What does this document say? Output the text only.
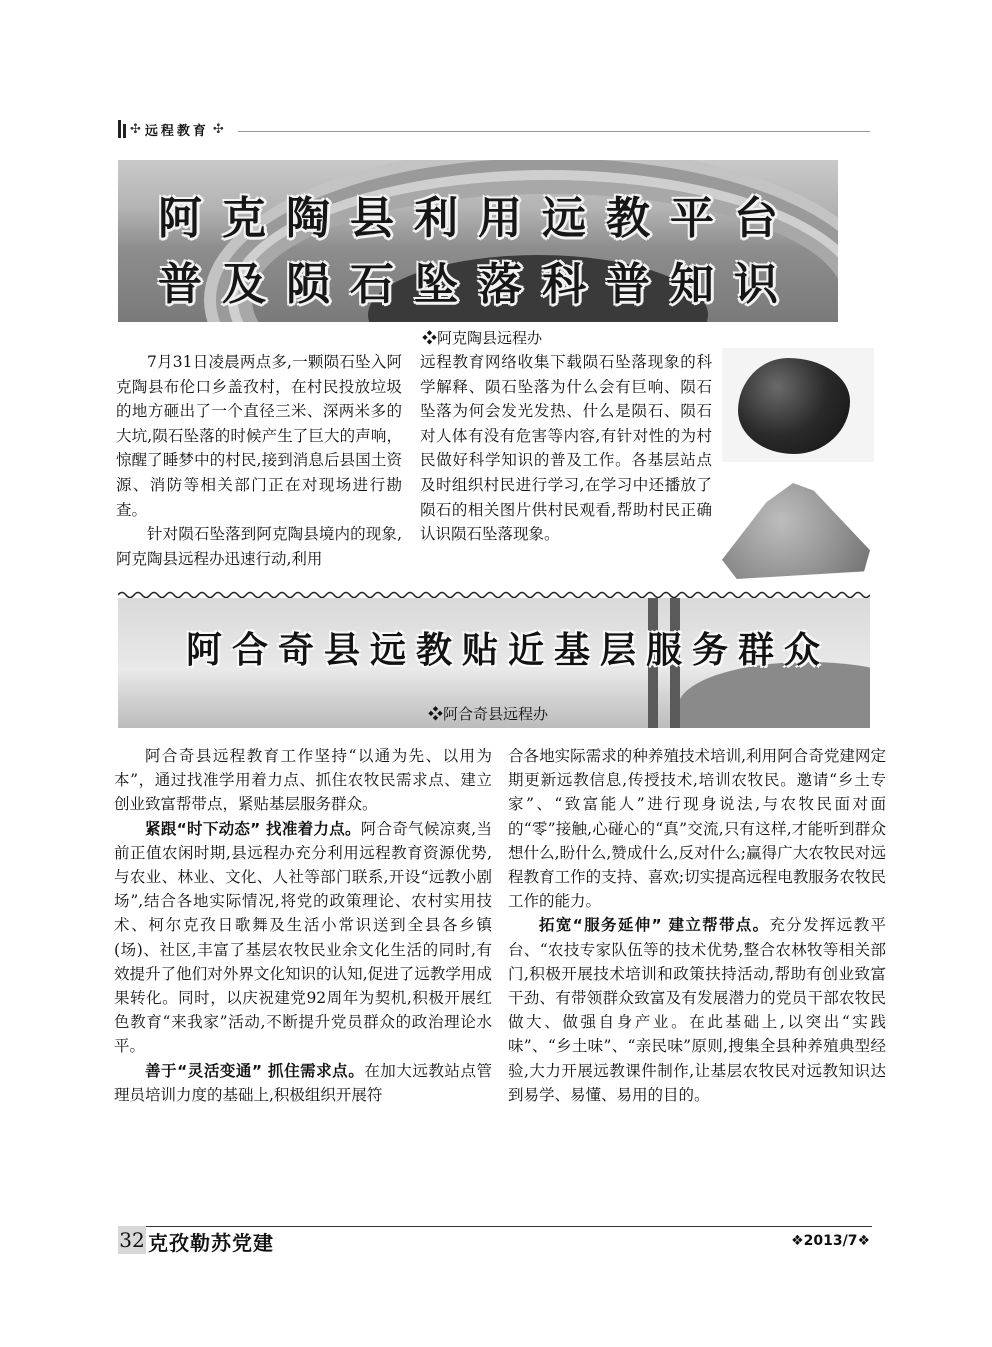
✣ 远程教育 ✣
阿克陶县利用远教平台
普及陨石坠落科普知识
❖阿克陶县远程办

7月31日凌晨两点多,一颗陨石坠入阿克陶县布伦口乡盖孜村，在村民投放垃圾的地方砸出了一个直径三米、深两米多的大坑,陨石坠落的时候产生了巨大的声响，惊醒了睡梦中的村民,接到消息后县国土资源、消防等相关部门正在对现场进行勘查。

针对陨石坠落到阿克陶县境内的现象,阿克陶县远程办迅速行动,利用

远程教育网络收集下载陨石坠落现象的科学解释、陨石坠落为什么会有巨响、陨石坠落为何会发光发热、什么是陨石、陨石对人体有没有危害等内容,有针对性的为村民做好科学知识的普及工作。各基层站点及时组织村民进行学习,在学习中还播放了陨石的相关图片供村民观看,帮助村民正确认识陨石坠落现象。

阿合奇县远教贴近基层服务群众
❖阿合奇县远程办

阿合奇县远程教育工作坚持“以通为先、以用为本”，通过找准学用着力点、抓住农牧民需求点、建立创业致富帮带点，紧贴基层服务群众。

紧跟“时下动态” 找准着力点。阿合奇气候凉爽,当前正值农闲时期,县远程办充分利用远程教育资源优势,与农业、林业、文化、人社等部门联系,开设“远教小剧场”,结合各地实际情况,将党的政策理论、农村实用技术、柯尔克孜日歌舞及生活小常识送到全县各乡镇(场)、社区,丰富了基层农牧民业余文化生活的同时,有效提升了他们对外界文化知识的认知,促进了远教学用成果转化。同时，以庆祝建党92周年为契机,积极开展红色教育“来我家”活动,不断提升党员群众的政治理论水平。

善于“灵活变通” 抓住需求点。在加大远教站点管理员培训力度的基础上,积极组织开展符

合各地实际需求的种养殖技术培训,利用阿合奇党建网定期更新远教信息,传授技术,培训农牧民。邀请“乡土专家”、“致富能人”进行现身说法,与农牧民面对面的“零”接触,心碰心的“真”交流,只有这样,才能听到群众想什么,盼什么,赞成什么,反对什么;赢得广大农牧民对远程教育工作的支持、喜欢;切实提高远程电教服务农牧民工作的能力。

拓宽“服务延伸” 建立帮带点。充分发挥远教平台、“农技专家队伍等的技术优势,整合农林牧等相关部门,积极开展技术培训和政策扶持活动,帮助有创业致富干劲、有带领群众致富及有发展潜力的党员干部农牧民做大、做强自身产业。在此基础上,以突出“实践味”、“乡土味”、“亲民味”原则,搜集全县种养殖典型经验,大力开展远教课件制作,让基层农牧民对远教知识达到易学、易懂、易用的目的。

32 克孜勒苏党建	❖2013/7❖
